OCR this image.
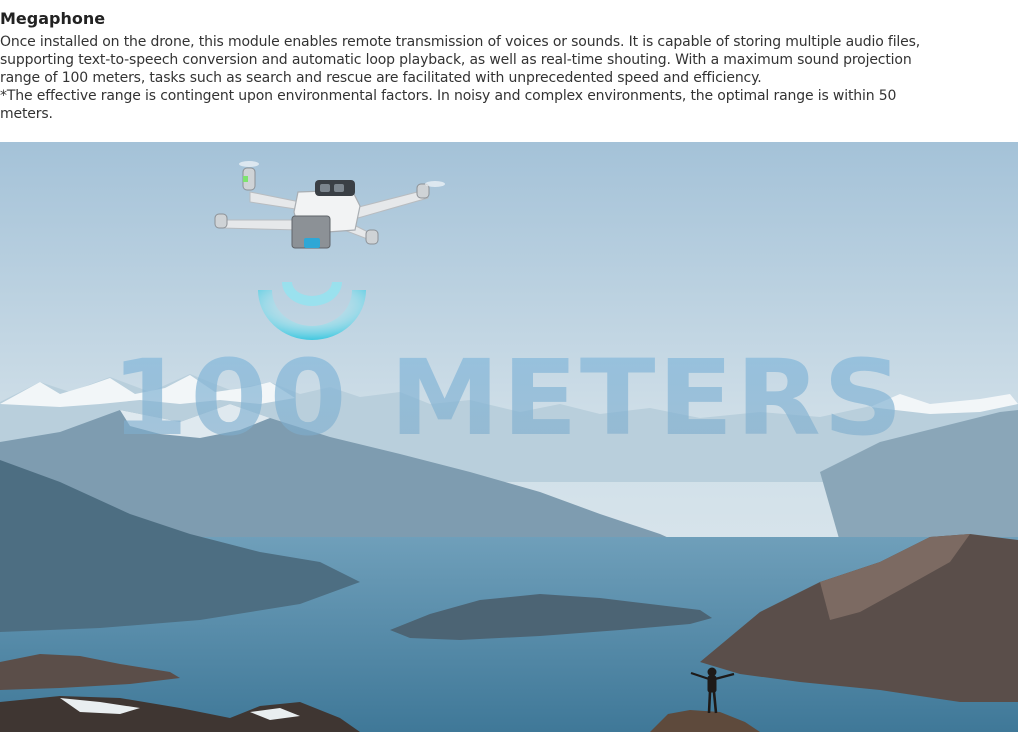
Megaphone

Once installed on the drone, this module enables remote transmission of voices or sounds. It is capable of storing multiple audio files,
supporting text-to-speech conversion and automatic loop playback, as well as real-time shouting. With a maximum sound projection
range of 100 meters, tasks such as search and rescue are facilitated with unprecedented speed and efficiency.
*The effective range is contingent upon environmental factors. In noisy and complex environments, the optimal range is within 50
meters.

100 METERS
